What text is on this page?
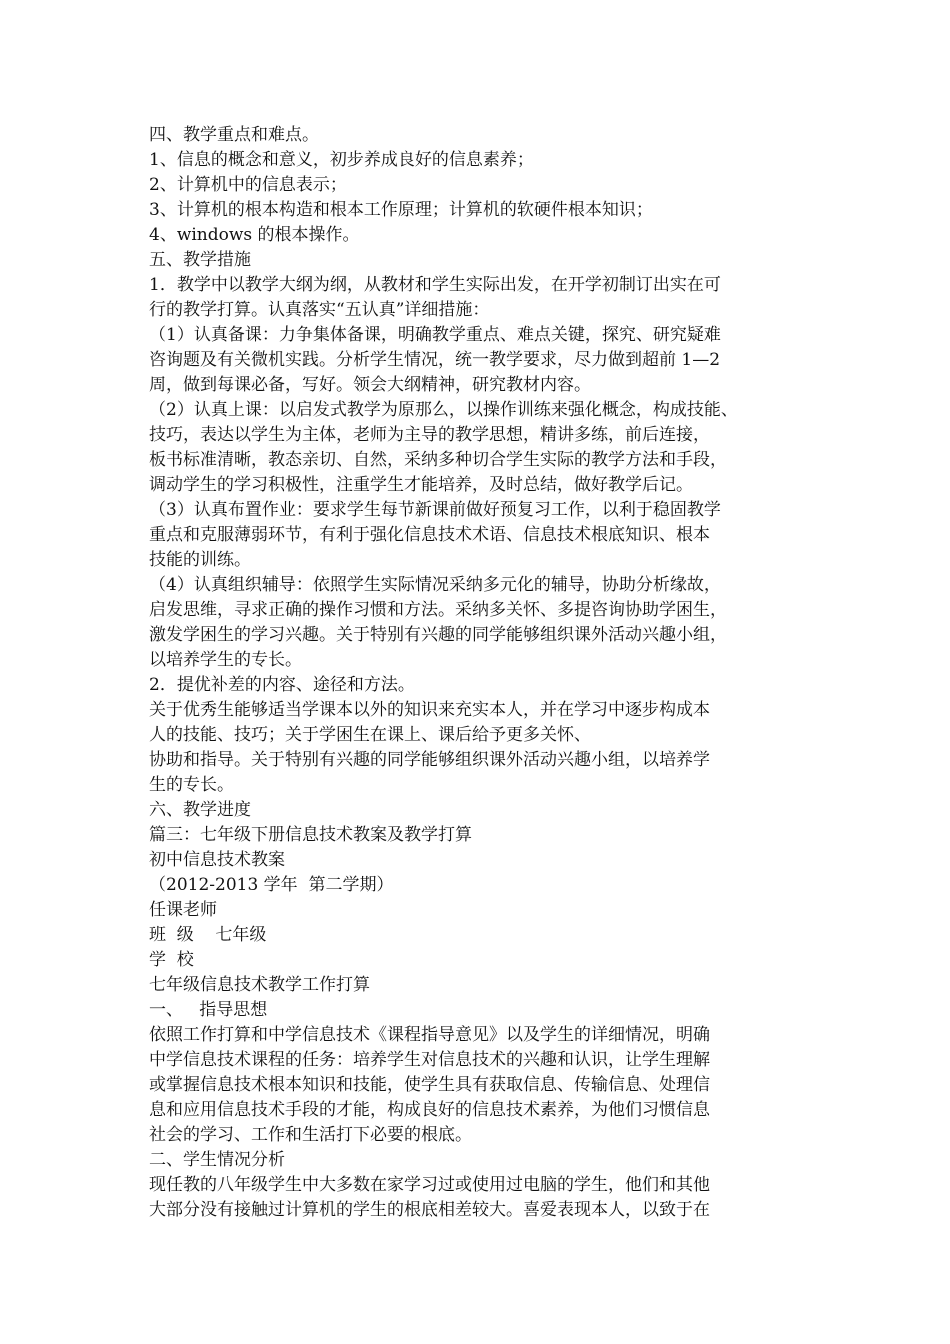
四、教学重点和难点。
1、信息的概念和意义，初步养成良好的信息素养；
2、计算机中的信息表示；
3、计算机的根本构造和根本工作原理；计算机的软硬件根本知识；
4、windows 的根本操作。
五、教学措施
1．教学中以教学大纲为纲，从教材和学生实际出发，在开学初制订出实在可
行的教学打算。认真落实“五认真”详细措施：
（1）认真备课：力争集体备课，明确教学重点、难点关键，探究、研究疑难
咨询题及有关微机实践。分析学生情况，统一教学要求，尽力做到超前 1—2
周，做到每课必备，写好。领会大纲精神，研究教材内容。
（2）认真上课：以启发式教学为原那么，以操作训练来强化概念，构成技能、
技巧，表达以学生为主体，老师为主导的教学思想，精讲多练，前后连接，
板书标准清晰，教态亲切、自然，采纳多种切合学生实际的教学方法和手段，
调动学生的学习积极性，注重学生才能培养，及时总结，做好教学后记。
（3）认真布置作业：要求学生每节新课前做好预复习工作，以利于稳固教学
重点和克服薄弱环节，有利于强化信息技术术语、信息技术根底知识、根本
技能的训练。
（4）认真组织辅导：依照学生实际情况采纳多元化的辅导，协助分析缘故，
启发思维，寻求正确的操作习惯和方法。采纳多关怀、多提咨询协助学困生，
激发学困生的学习兴趣。关于特别有兴趣的同学能够组织课外活动兴趣小组，
以培养学生的专长。
2．提优补差的内容、途径和方法。
关于优秀生能够适当学课本以外的知识来充实本人，并在学习中逐步构成本
人的技能、技巧；关于学困生在课上、课后给予更多关怀、
协助和指导。关于特别有兴趣的同学能够组织课外活动兴趣小组，以培养学
生的专长。
六、教学进度
篇三：七年级下册信息技术教案及教学打算
初中信息技术教案
（2012-2013 学年  第二学期）
任课老师
班  级    七年级
学  校
七年级信息技术教学工作打算
一、   指导思想
依照工作打算和中学信息技术《课程指导意见》以及学生的详细情况，明确
中学信息技术课程的任务：培养学生对信息技术的兴趣和认识，让学生理解
或掌握信息技术根本知识和技能，使学生具有获取信息、传输信息、处理信
息和应用信息技术手段的才能，构成良好的信息技术素养，为他们习惯信息
社会的学习、工作和生活打下必要的根底。
二、学生情况分析
现任教的八年级学生中大多数在家学习过或使用过电脑的学生，他们和其他
大部分没有接触过计算机的学生的根底相差较大。喜爱表现本人，以致于在
